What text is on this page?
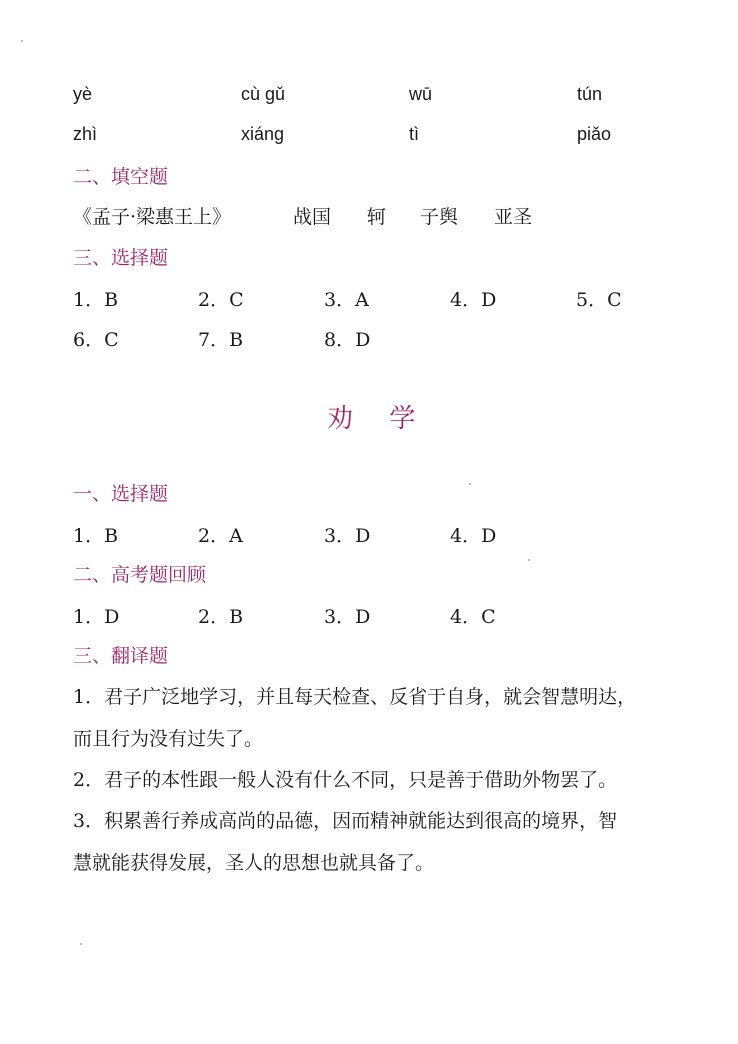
yè	cù gǔ	wū	tún
zhì	xiáng	tì	piǎo
二、填空题
《孟子·梁惠王上》	战国 轲 子舆 亚圣
三、选择题
1．B	2．C	3．A	4．D	5．C
6．C	7．B	8．D
劝 学
一、选择题
1．B	2．A	3．D	4．D
二、高考题回顾
1．D	2．B	3．D	4．C
三、翻译题
1．君子广泛地学习，并且每天检查、反省于自身，就会智慧明达，
而且行为没有过失了。
2．君子的本性跟一般人没有什么不同，只是善于借助外物罢了。
3．积累善行养成高尚的品德，因而精神就能达到很高的境界，智
慧就能获得发展，圣人的思想也就具备了。
